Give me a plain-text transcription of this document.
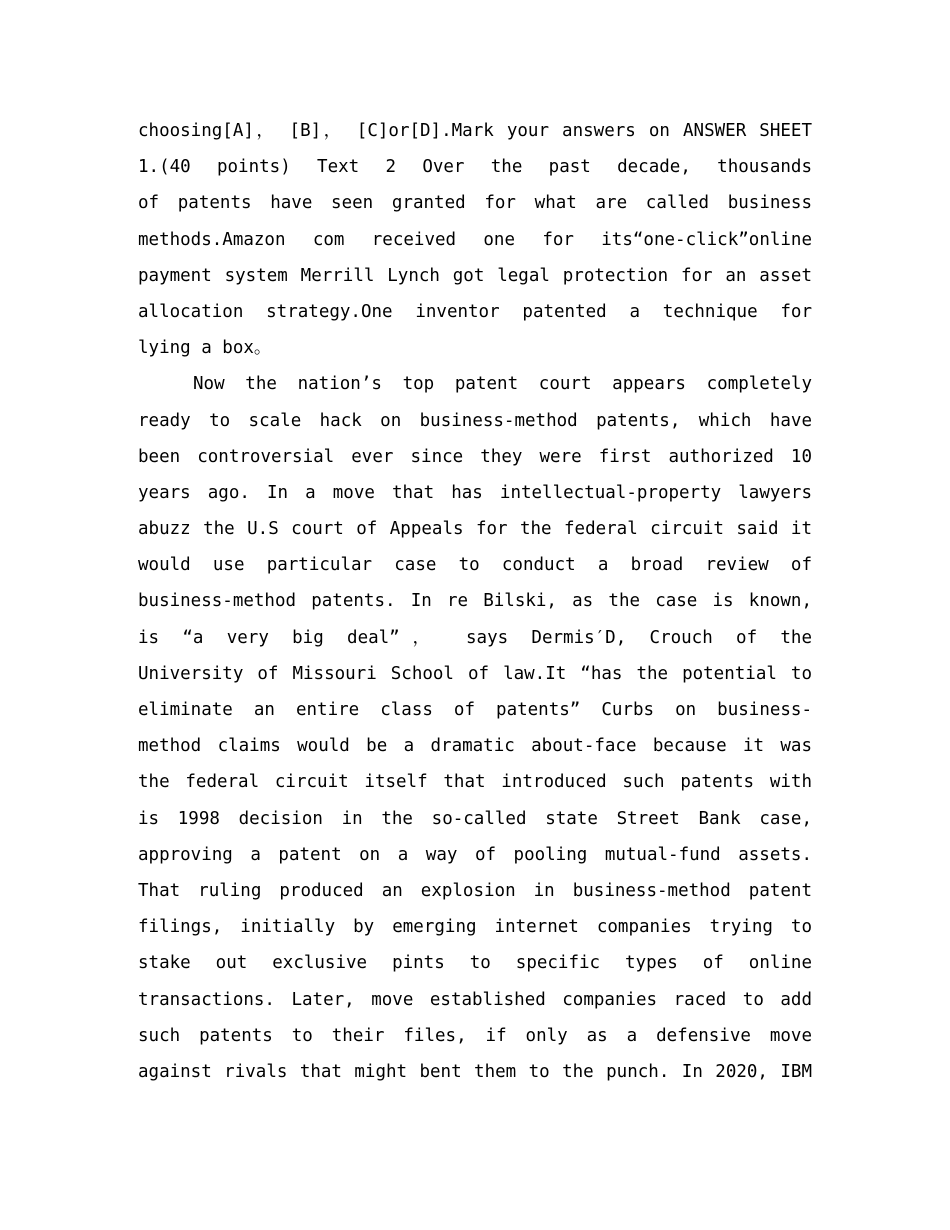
choosing[A]， [B]， [C]or[D].Mark your answers on ANSWER SHEET
1.(40 points) Text 2 Over the past decade, thousands
of patents have seen granted for what are called business
methods.Amazon com received one for its“one-click”online
payment system Merrill Lynch got legal protection for an asset
allocation strategy.One inventor patented a technique for
lying a box。
Now the nation’s top patent court appears completely
ready to scale hack on business-method patents, which have
been controversial ever since they were first authorized 10
years ago. In a move that has intellectual-property lawyers
abuzz the U.S court of Appeals for the federal circuit said it
would use particular case to conduct a broad review of
business-method patents. In re Bilski, as the case is known,
is “a very big deal”， says Dermis′D, Crouch of the
University of Missouri School of law.It “has the potential to
eliminate an entire class of patents” Curbs on business-
method claims would be a dramatic about-face because it was
the federal circuit itself that introduced such patents with
is 1998 decision in the so-called state Street Bank case,
approving a patent on a way of pooling mutual-fund assets.
That ruling produced an explosion in business-method patent
filings, initially by emerging internet companies trying to
stake out exclusive pints to specific types of online
transactions. Later, move established companies raced to add
such patents to their files, if only as a defensive move
against rivals that might bent them to the punch. In 2020, IBM
